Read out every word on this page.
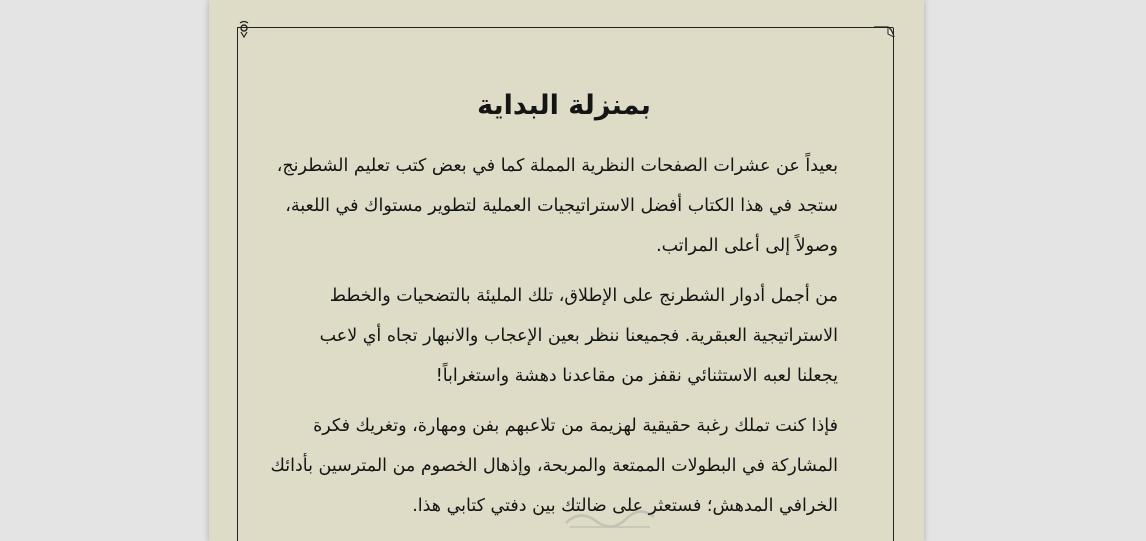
بمنزلة البداية
بعيداً عن عشرات الصفحات النظرية المملة كما في بعض كتب تعليم الشطرنج،
ستجد في هذا الكتاب أفضل الاستراتيجيات العملية لتطوير مستواك في اللعبة،
وصولاً إلى أعلى المراتب.
من أجمل أدوار الشطرنج على الإطلاق، تلك المليئة بالتضحيات والخطط
الاستراتيجية العبقرية. فجميعنا ننظر بعين الإعجاب والانبهار تجاه أي لاعب
يجعلنا لعبه الاستثنائي نقفز من مقاعدنا دهشة واستغراباً!
فإذا كنت تملك رغبة حقيقية لهزيمة من تلاعبهم بفن ومهارة، وتغريك فكرة
المشاركة في البطولات الممتعة والمربحة، وإذهال الخصوم من المترسين بأدائك
الخرافي المدهش؛ فستعثر على ضالتك بين دفتي كتابي هذا.
